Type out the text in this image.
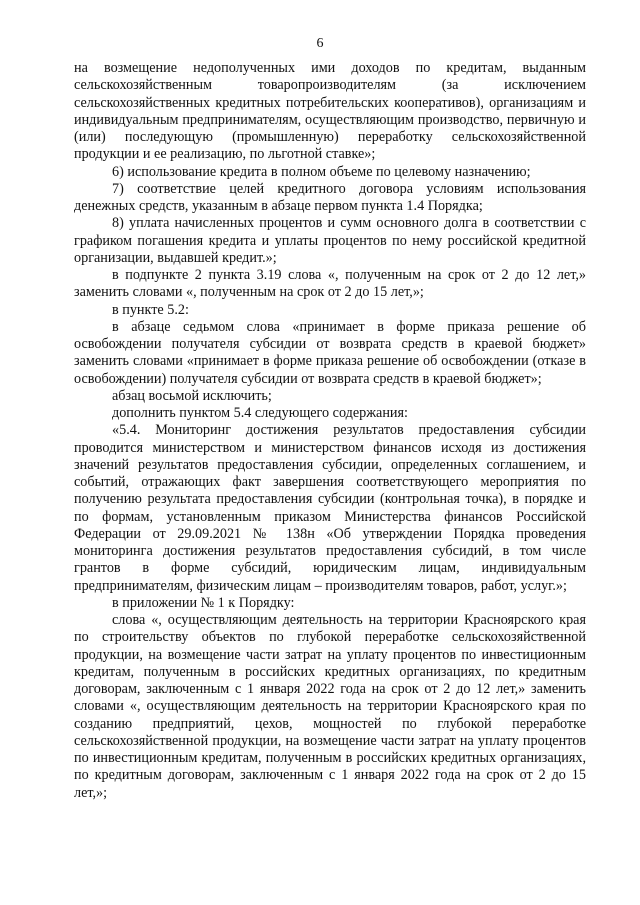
6

на возмещение недополученных ими доходов по кредитам, выданным сельскохозяйственным товаропроизводителям (за исключением сельскохозяйственных кредитных потребительских кооперативов), организациям и индивидуальным предпринимателям, осуществляющим производство, первичную и (или) последующую (промышленную) переработку сельскохозяйственной продукции и ее реализацию, по льготной ставке»;

6) использование кредита в полном объеме по целевому назначению;

7) соответствие целей кредитного договора условиям использования денежных средств, указанным в абзаце первом пункта 1.4 Порядка;

8) уплата начисленных процентов и сумм основного долга в соответствии с графиком погашения кредита и уплаты процентов по нему российской кредитной организации, выдавшей кредит.»;

в подпункте 2 пункта 3.19 слова «, полученным на срок от 2 до 12 лет,» заменить словами «, полученным на срок от 2 до 15 лет,»;

в пункте 5.2:

в абзаце седьмом слова «принимает в форме приказа решение об освобождении получателя субсидии от возврата средств в краевой бюджет» заменить словами «принимает в форме приказа решение об освобождении (отказе в освобождении) получателя субсидии от возврата средств в краевой бюджет»;

абзац восьмой исключить;

дополнить пунктом 5.4 следующего содержания:

«5.4. Мониторинг достижения результатов предоставления субсидии проводится министерством и министерством финансов исходя из достижения значений результатов предоставления субсидии, определенных соглашением, и событий, отражающих факт завершения соответствующего мероприятия по получению результата предоставления субсидии (контрольная точка), в порядке и по формам, установленным приказом Министерства финансов Российской Федерации от 29.09.2021 № 138н «Об утверждении Порядка проведения мониторинга достижения результатов предоставления субсидий, в том числе грантов в форме субсидий, юридическим лицам, индивидуальным предпринимателям, физическим лицам – производителям товаров, работ, услуг.»;

в приложении № 1 к Порядку:

слова «, осуществляющим деятельность на территории Красноярского края по строительству объектов по глубокой переработке сельскохозяйственной продукции, на возмещение части затрат на уплату процентов по инвестиционным кредитам, полученным в российских кредитных организациях, по кредитным договорам, заключенным с 1 января 2022 года на срок от 2 до 12 лет,» заменить словами «, осуществляющим деятельность на территории Красноярского края по созданию предприятий, цехов, мощностей по глубокой переработке сельскохозяйственной продукции, на возмещение части затрат на уплату процентов по инвестиционным кредитам, полученным в российских кредитных организациях, по кредитным договорам, заключенным с 1 января 2022 года на срок от 2 до 15 лет,»;
